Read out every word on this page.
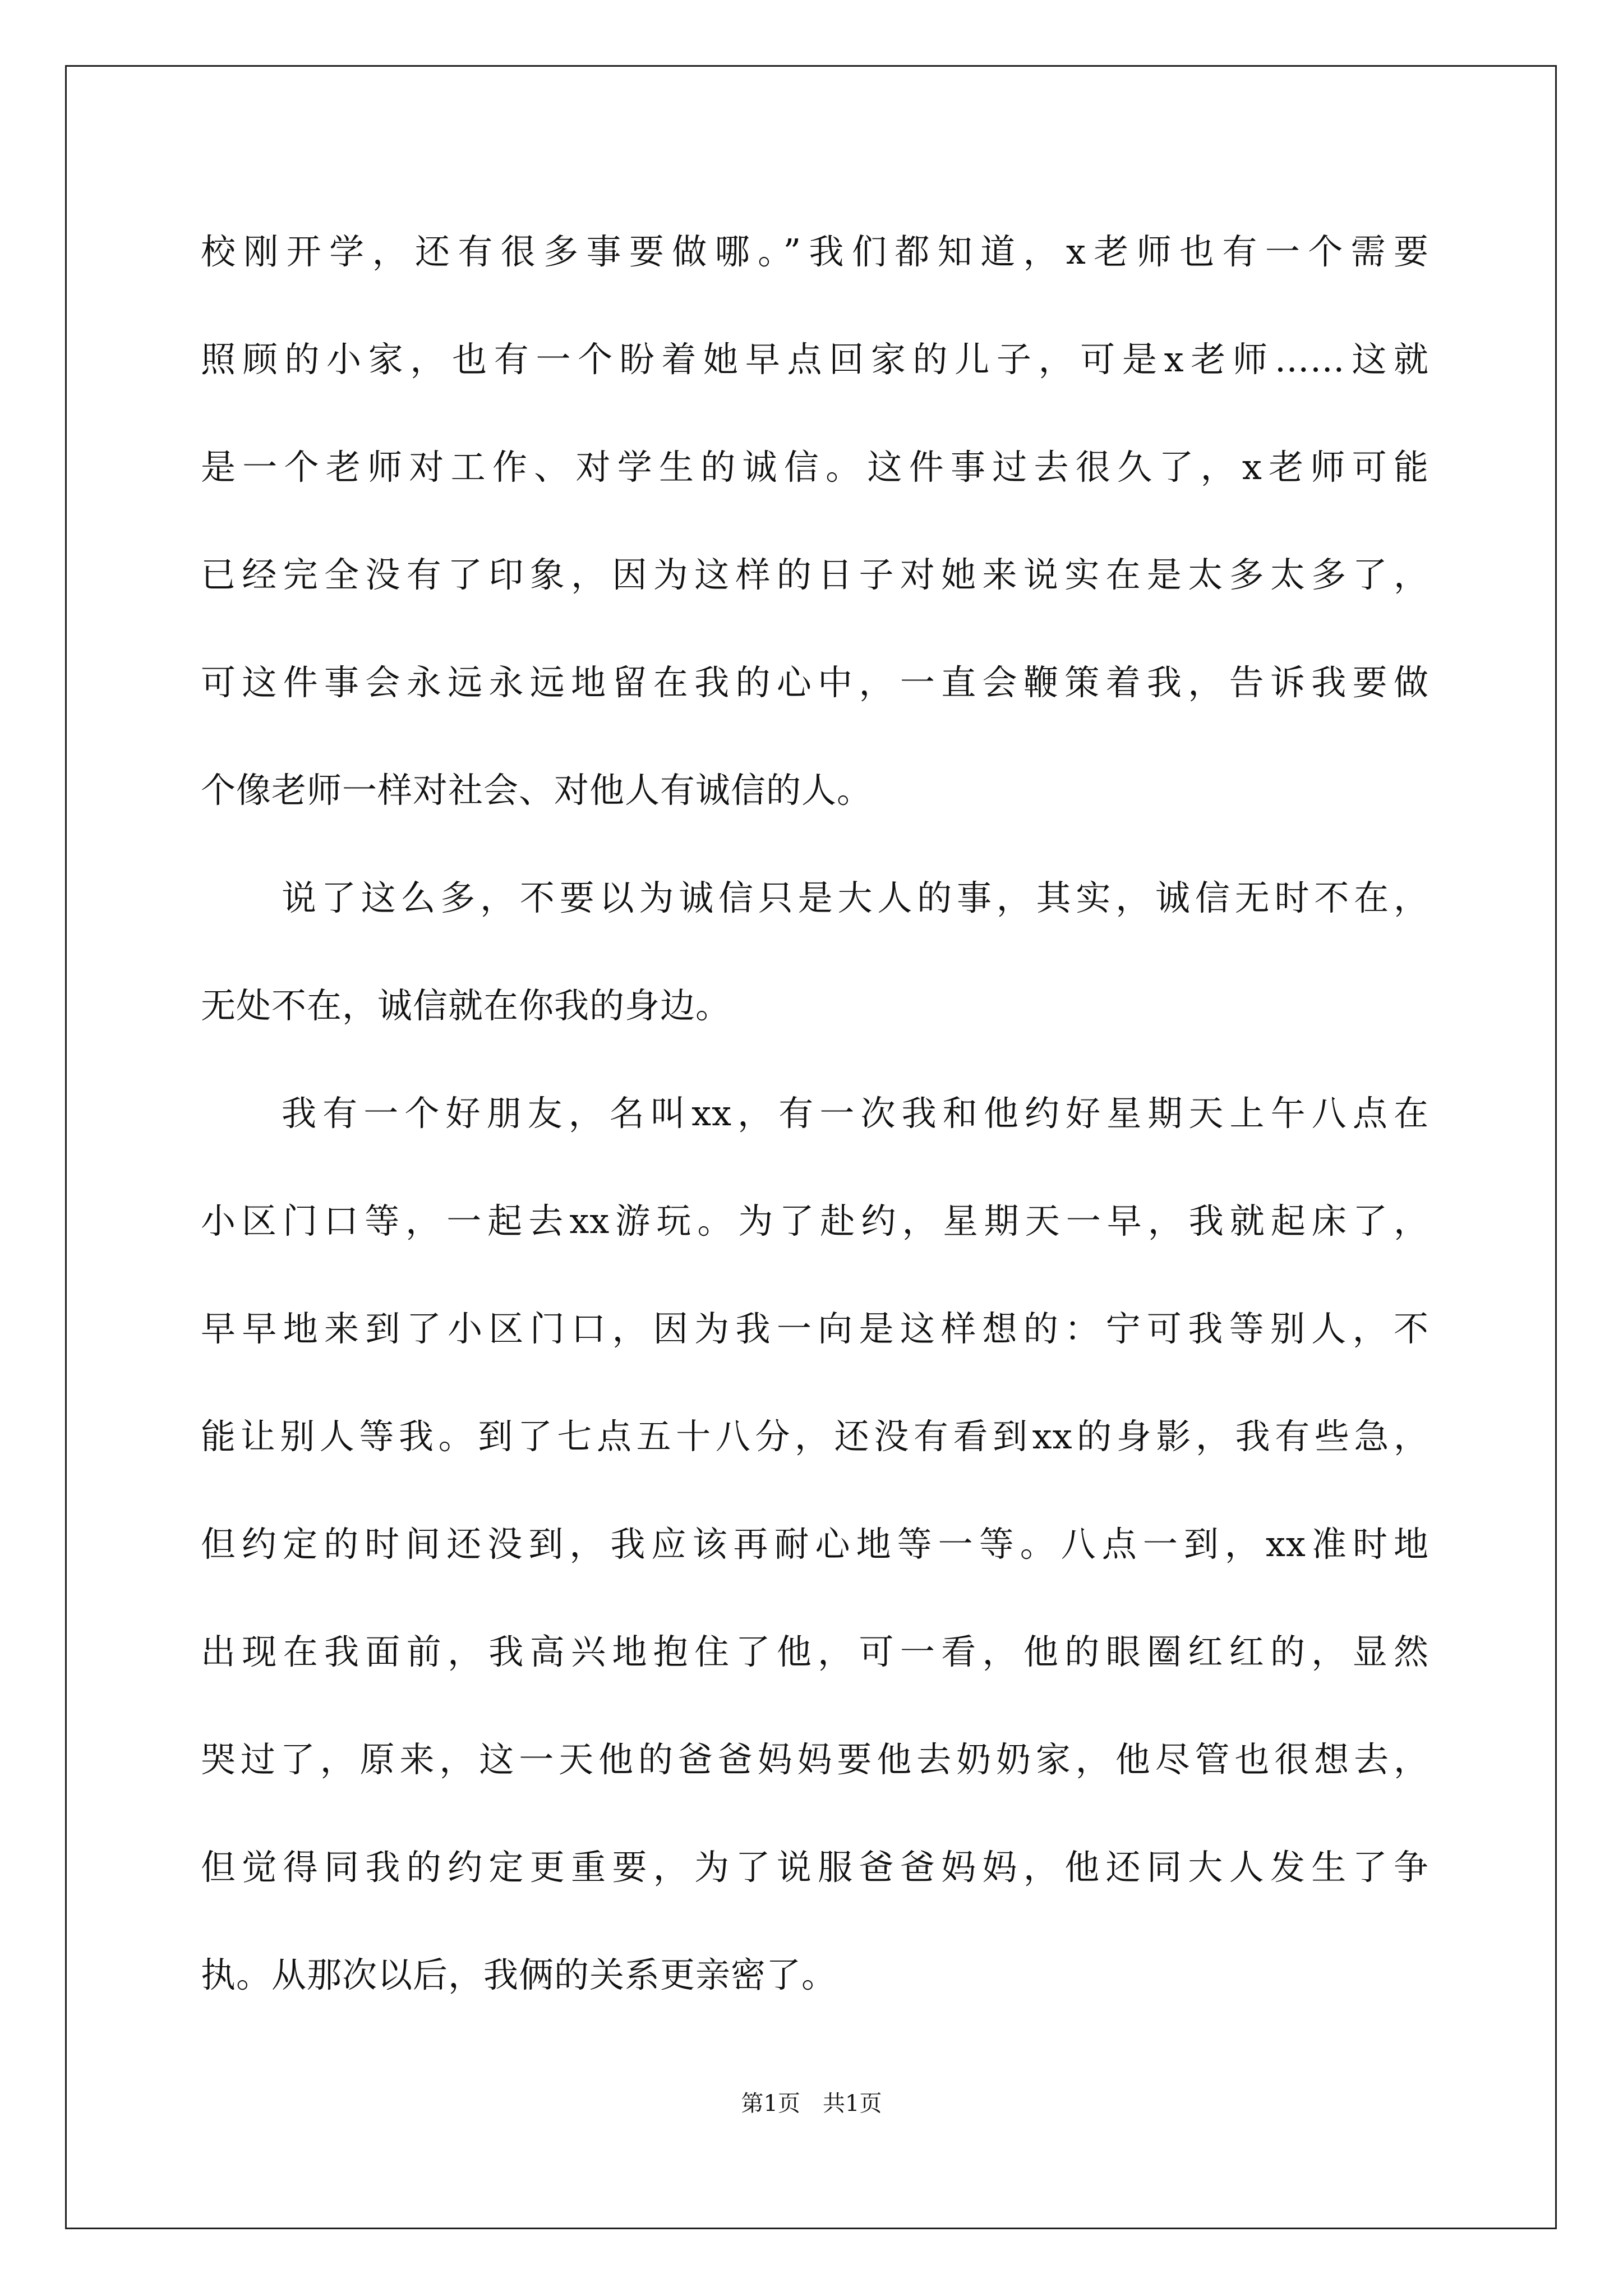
校刚开学，还有很多事要做哪。”我们都知道，x老师也有一个需要
照顾的小家，也有一个盼着她早点回家的儿子，可是x老师……这就
是一个老师对工作、对学生的诚信。这件事过去很久了，x老师可能
已经完全没有了印象，因为这样的日子对她来说实在是太多太多了，
可这件事会永远永远地留在我的心中，一直会鞭策着我，告诉我要做
个像老师一样对社会、对他人有诚信的人。
说了这么多，不要以为诚信只是大人的事，其实，诚信无时不在，
无处不在，诚信就在你我的身边。
我有一个好朋友，名叫xx，有一次我和他约好星期天上午八点在
小区门口等，一起去xx游玩。为了赴约，星期天一早，我就起床了，
早早地来到了小区门口，因为我一向是这样想的：宁可我等别人，不
能让别人等我。到了七点五十八分，还没有看到xx的身影，我有些急，
但约定的时间还没到，我应该再耐心地等一等。八点一到，xx准时地
出现在我面前，我高兴地抱住了他，可一看，他的眼圈红红的，显然
哭过了，原来，这一天他的爸爸妈妈要他去奶奶家，他尽管也很想去，
但觉得同我的约定更重要，为了说服爸爸妈妈，他还同大人发生了争
执。从那次以后，我俩的关系更亲密了。
第1页　共1页
